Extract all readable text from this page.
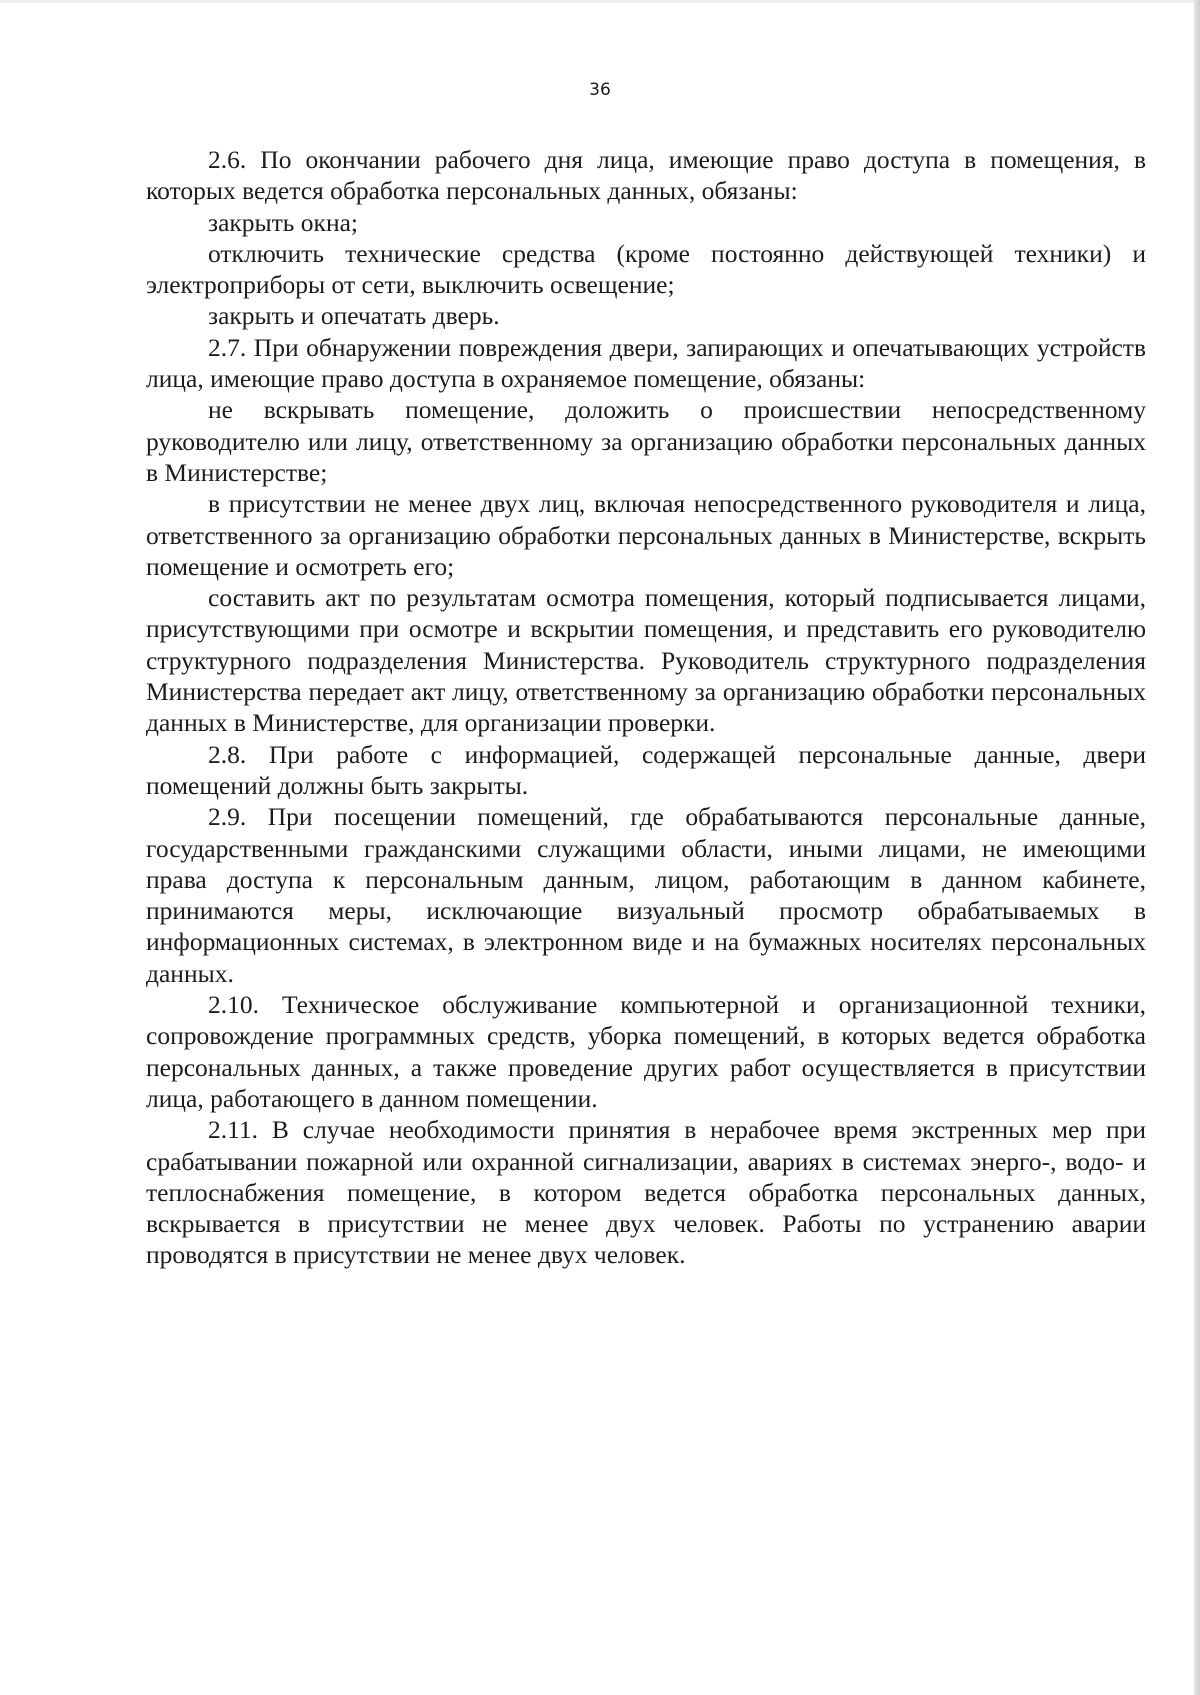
36

2.6. По окончании рабочего дня лица, имеющие право доступа в помещения, в которых ведется обработка персональных данных, обязаны:

закрыть окна;

отключить технические средства (кроме постоянно действующей техники) и электроприборы от сети, выключить освещение;

закрыть и опечатать дверь.

2.7. При обнаружении повреждения двери, запирающих и опечатывающих устройств лица, имеющие право доступа в охраняемое помещение, обязаны:

не вскрывать помещение, доложить о происшествии непосредственному руководителю или лицу, ответственному за организацию обработки персональных данных в Министерстве;

в присутствии не менее двух лиц, включая непосредственного руководителя и лица, ответственного за организацию обработки персональных данных в Министерстве, вскрыть помещение и осмотреть его;

составить акт по результатам осмотра помещения, который подписывается лицами, присутствующими при осмотре и вскрытии помещения, и представить его руководителю структурного подразделения Министерства. Руководитель структурного подразделения Министерства передает акт лицу, ответственному за организацию обработки персональных данных в Министерстве, для организации проверки.

2.8. При работе с информацией, содержащей персональные данные, двери помещений должны быть закрыты.

2.9. При посещении помещений, где обрабатываются персональные данные, государственными гражданскими служащими области, иными лицами, не имеющими права доступа к персональным данным, лицом, работающим в данном кабинете, принимаются меры, исключающие визуальный просмотр обрабатываемых в информационных системах, в электронном виде и на бумажных носителях персональных данных.

2.10. Техническое обслуживание компьютерной и организационной техники, сопровождение программных средств, уборка помещений, в которых ведется обработка персональных данных, а также проведение других работ осуществляется в присутствии лица, работающего в данном помещении.

2.11. В случае необходимости принятия в нерабочее время экстренных мер при срабатывании пожарной или охранной сигнализации, авариях в системах энерго-, водо- и теплоснабжения помещение, в котором ведется обработка персональных данных, вскрывается в присутствии не менее двух человек. Работы по устранению аварии проводятся в присутствии не менее двух человек.
